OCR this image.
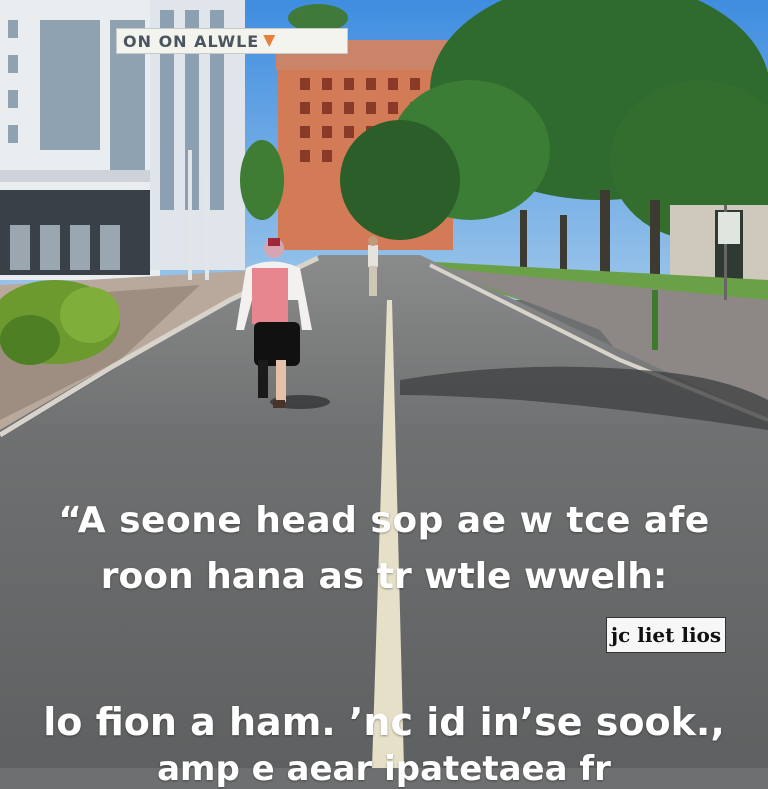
ON ON ALWLE
“A seone head sop ae w tce afe
roon hana as tr wtle wwelh:
jc liet lios
lo fion a ham. ’nc id in’se sook.,
amp e aear ipatetaea fr
